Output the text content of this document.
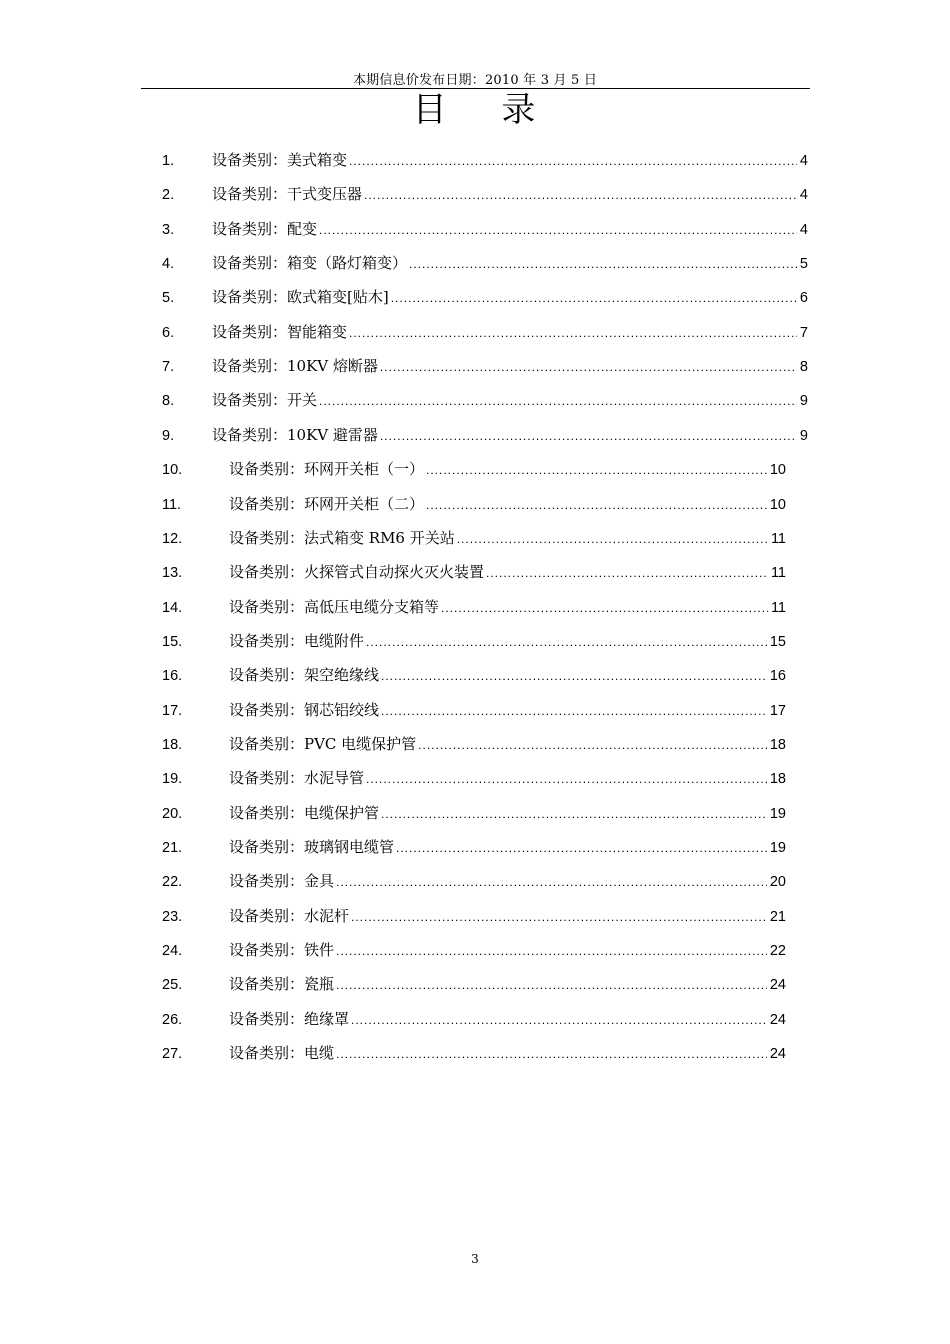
本期信息价发布日期：2010 年 3 月 5 日
目 录
1.	设备类别：美式箱变 .....	4
2.	设备类别：干式变压器 .....	4
3.	设备类别：配变 .....	4
4.	设备类别：箱变（路灯箱变） .....	5
5.	设备类别：欧式箱变[贴木] .....	6
6.	设备类别：智能箱变 .....	7
7.	设备类别：10KV 熔断器 .....	8
8.	设备类别：开关 .....	9
9.	设备类别：10KV 避雷器 .....	9
10.	设备类别：环网开关柜（一） .....	10
11.	设备类别：环网开关柜（二） .....	10
12.	设备类别：法式箱变 RM6 开关站 .....	11
13.	设备类别：火探管式自动探火灭火装置 .....	11
14.	设备类别：高低压电缆分支箱等 .....	11
15.	设备类别：电缆附件 .....	15
16.	设备类别：架空绝缘线 .....	16
17.	设备类别：钢芯铝绞线 .....	17
18.	设备类别：PVC 电缆保护管 .....	18
19.	设备类别：水泥导管 .....	18
20.	设备类别：电缆保护管 .....	19
21.	设备类别：玻璃钢电缆管 .....	19
22.	设备类别：金具 .....	20
23.	设备类别：水泥杆 .....	21
24.	设备类别：铁件 .....	22
25.	设备类别：瓷瓶 .....	24
26.	设备类别：绝缘罩 .....	24
27.	设备类别：电缆 .....	24
3
